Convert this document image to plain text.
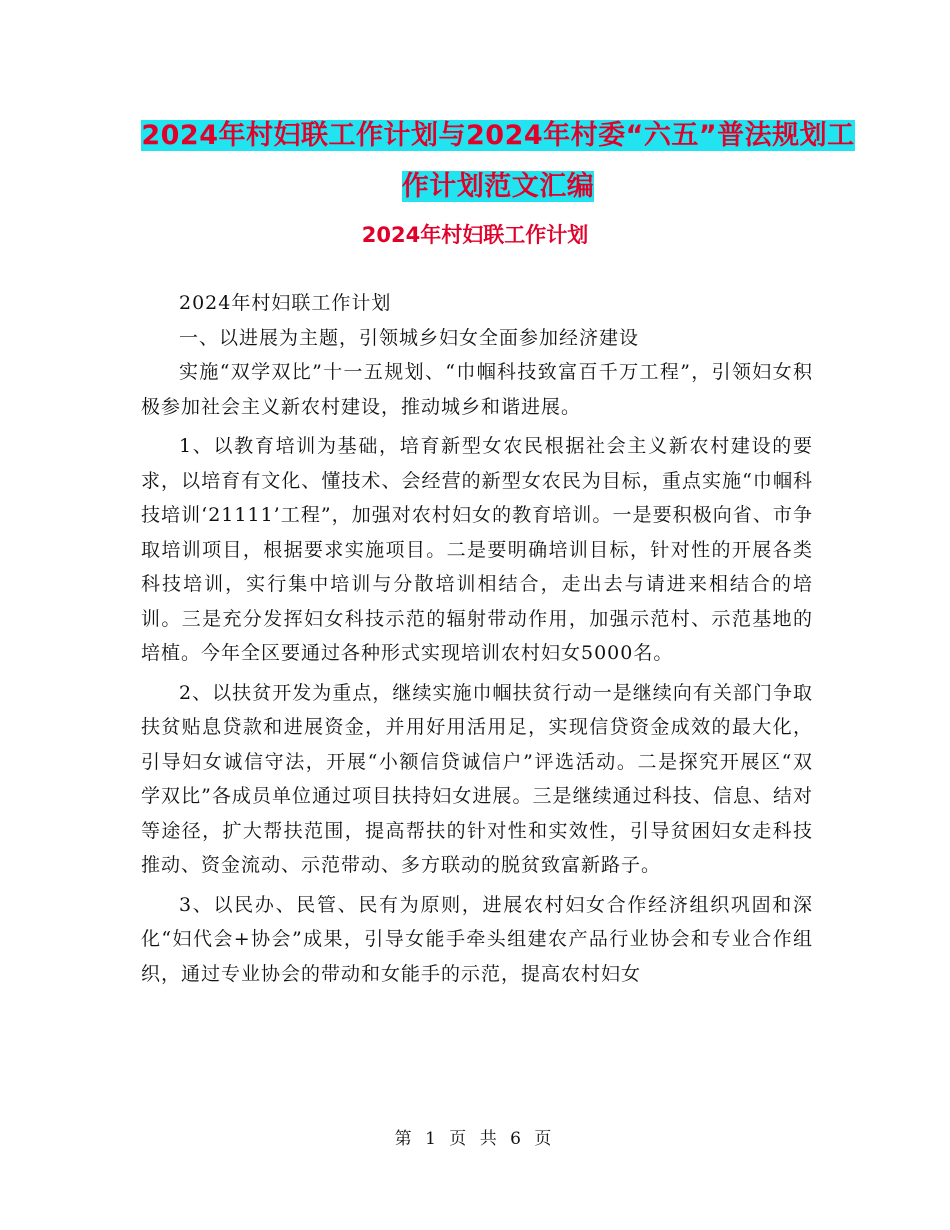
2024年村妇联工作计划与2024年村委“六五”普法规划工作计划范文汇编
2024年村妇联工作计划

2024年村妇联工作计划

一、以进展为主题，引领城乡妇女全面参加经济建设

实施“双学双比”十一五规划、“巾帼科技致富百千万工程”，引领妇女积极参加社会主义新农村建设，推动城乡和谐进展。

1、以教育培训为基础，培育新型女农民根据社会主义新农村建设的要求，以培育有文化、懂技术、会经营的新型女农民为目标，重点实施“巾帼科技培训‘21111’工程”，加强对农村妇女的教育培训。一是要积极向省、市争取培训项目，根据要求实施项目。二是要明确培训目标，针对性的开展各类科技培训，实行集中培训与分散培训相结合，走出去与请进来相结合的培训。三是充分发挥妇女科技示范的辐射带动作用，加强示范村、示范基地的培植。今年全区要通过各种形式实现培训农村妇女5000名。

2、以扶贫开发为重点，继续实施巾帼扶贫行动一是继续向有关部门争取扶贫贴息贷款和进展资金，并用好用活用足，实现信贷资金成效的最大化，引导妇女诚信守法，开展“小额信贷诚信户”评选活动。二是探究开展区“双学双比”各成员单位通过项目扶持妇女进展。三是继续通过科技、信息、结对等途径，扩大帮扶范围，提高帮扶的针对性和实效性，引导贫困妇女走科技推动、资金流动、示范带动、多方联动的脱贫致富新路子。

3、以民办、民管、民有为原则，进展农村妇女合作经济组织巩固和深化“妇代会+协会”成果，引导女能手牵头组建农产品行业协会和专业合作组织，通过专业协会的带动和女能手的示范，提高农村妇女

第 1 页 共 6 页
